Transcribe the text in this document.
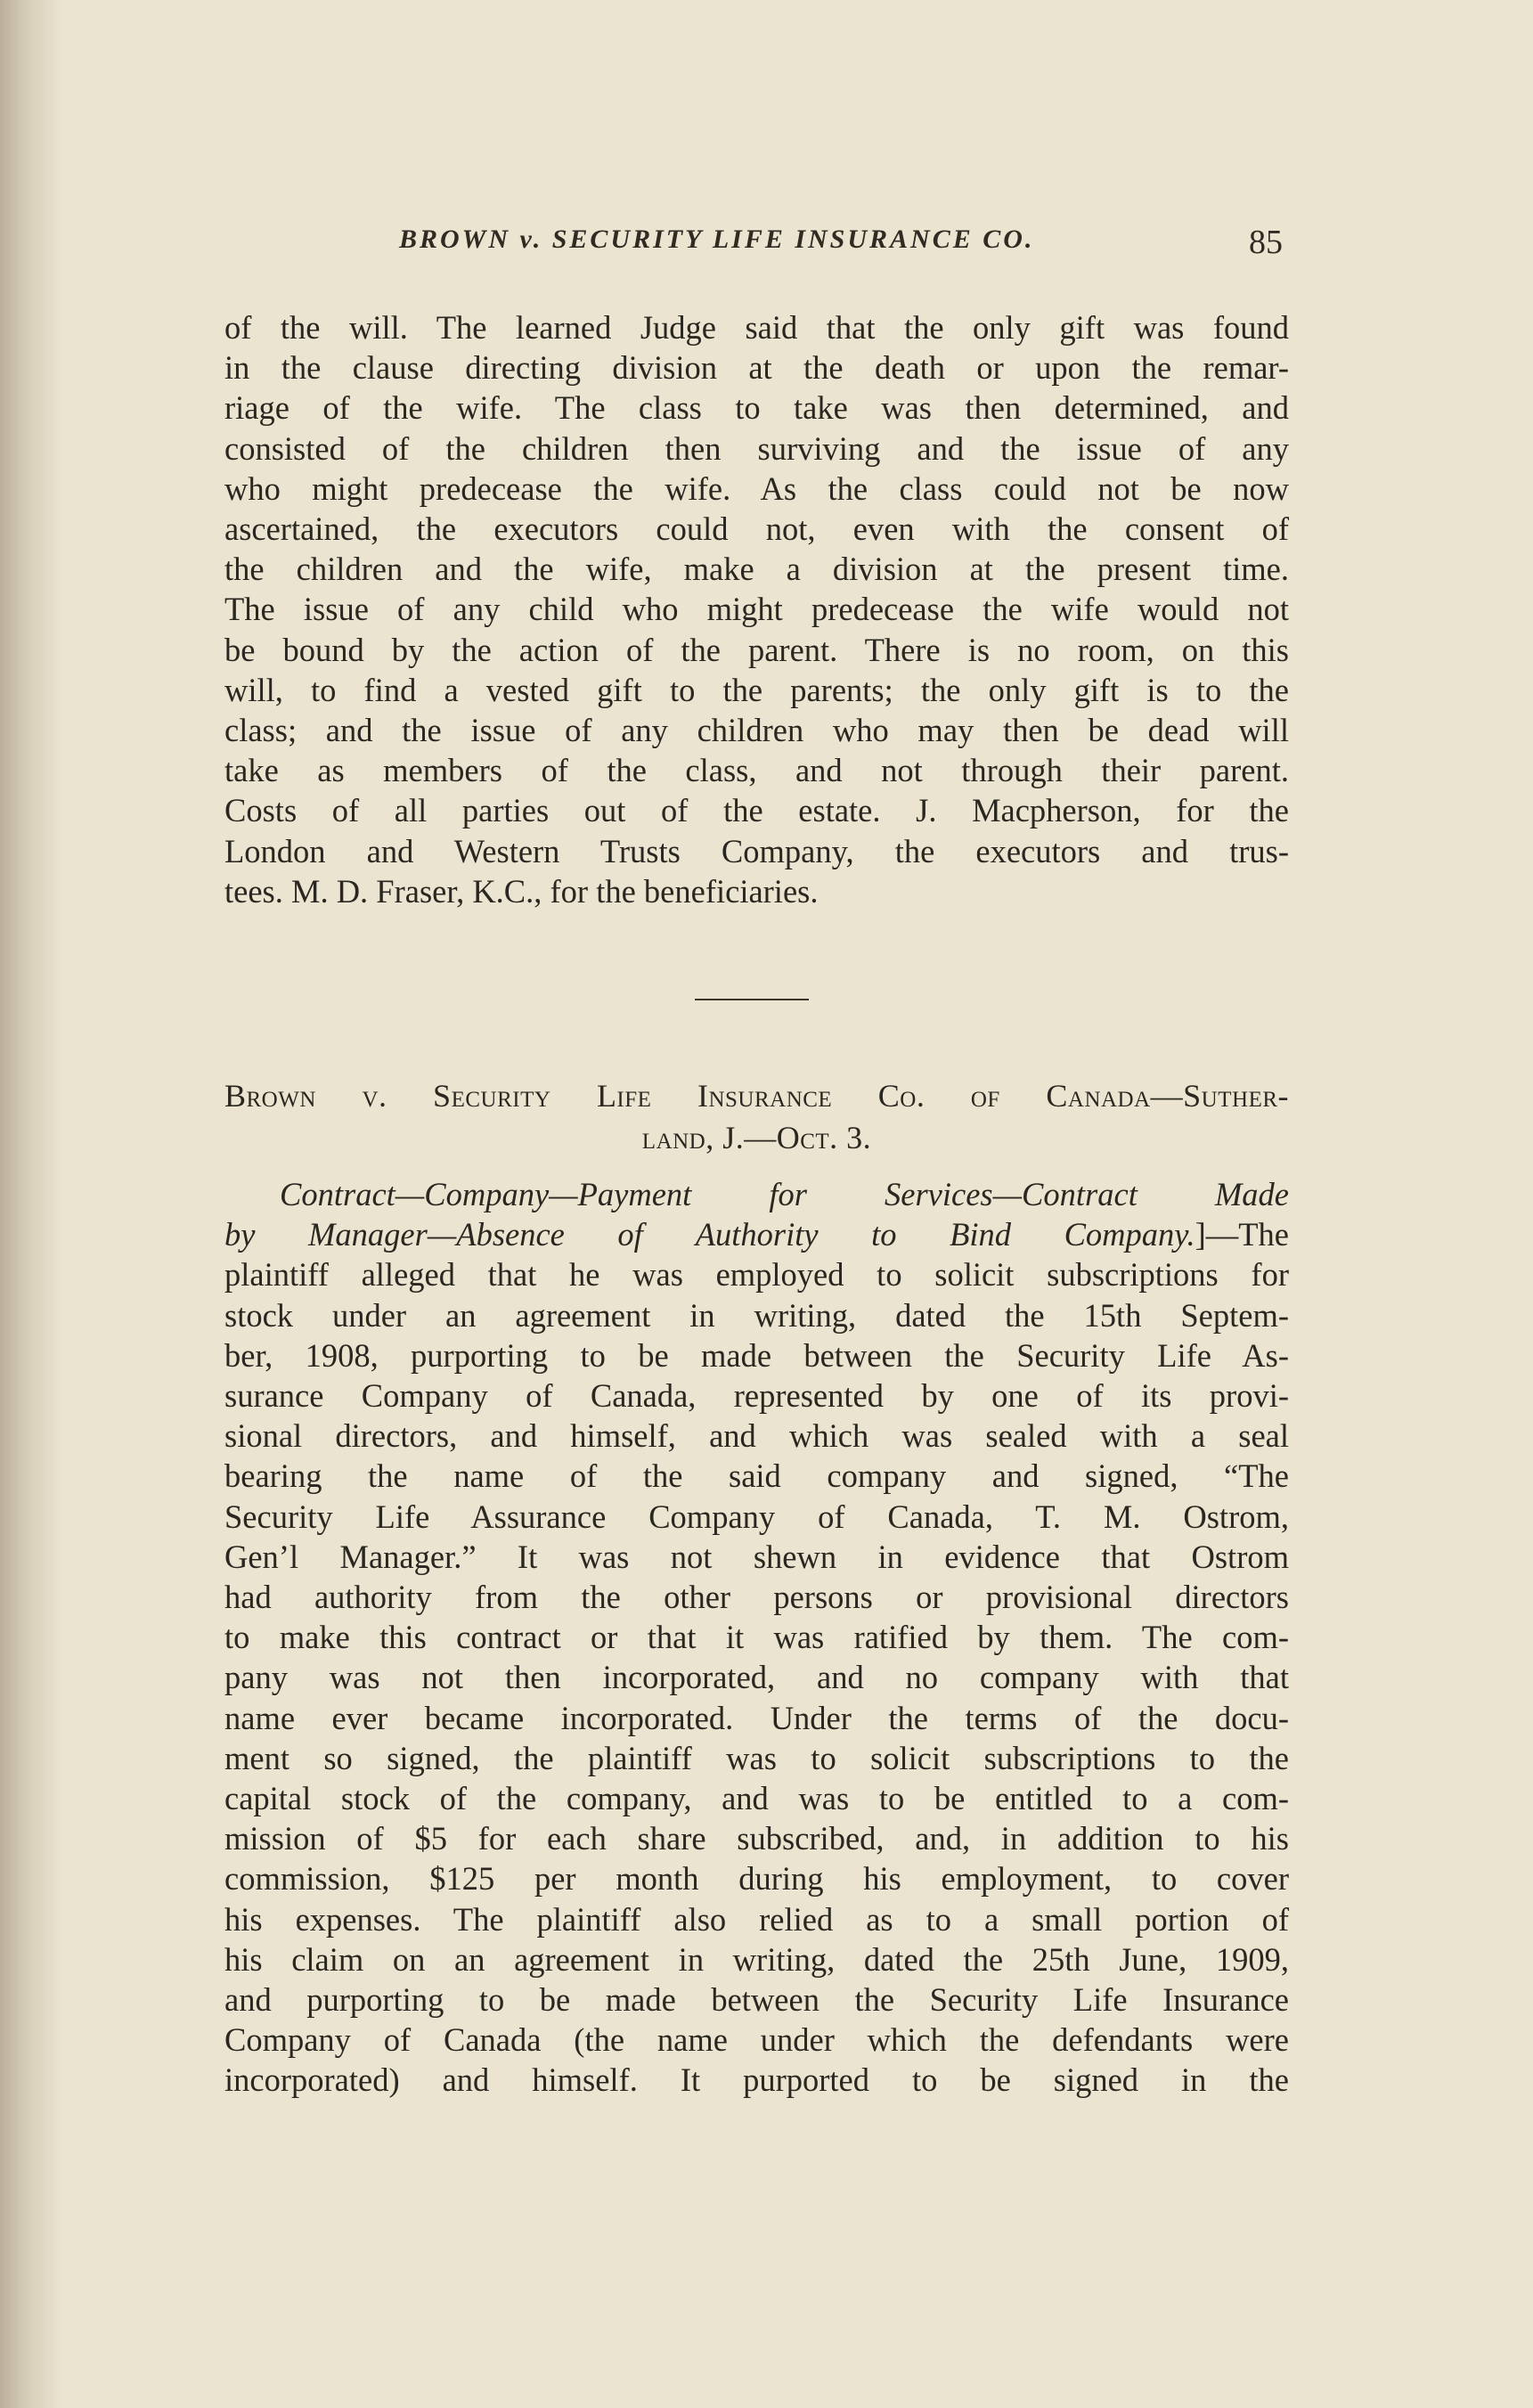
BROWN v. SECURITY LIFE INSURANCE CO.	85
of the will. The learned Judge said that the only gift was found
in the clause directing division at the death or upon the remar-
riage of the wife. The class to take was then determined, and
consisted of the children then surviving and the issue of any
who might predecease the wife. As the class could not be now
ascertained, the executors could not, even with the consent of
the children and the wife, make a division at the present time.
The issue of any child who might predecease the wife would not
be bound by the action of the parent. There is no room, on this
will, to find a vested gift to the parents; the only gift is to the
class; and the issue of any children who may then be dead will
take as members of the class, and not through their parent.
Costs of all parties out of the estate. J. Macpherson, for the
London and Western Trusts Company, the executors and trus-
tees. M. D. Fraser, K.C., for the beneficiaries.
Brown v. Security Life Insurance Co. of Canada—Suther-
land, J.—Oct. 3.
Contract—Company—Payment for Services—Contract Made
by Manager—Absence of Authority to Bind Company.]—The
plaintiff alleged that he was employed to solicit subscriptions for
stock under an agreement in writing, dated the 15th Septem-
ber, 1908, purporting to be made between the Security Life As-
surance Company of Canada, represented by one of its provi-
sional directors, and himself, and which was sealed with a seal
bearing the name of the said company and signed, “The
Security Life Assurance Company of Canada, T. M. Ostrom,
Gen’l Manager.” It was not shewn in evidence that Ostrom
had authority from the other persons or provisional directors
to make this contract or that it was ratified by them. The com-
pany was not then incorporated, and no company with that
name ever became incorporated. Under the terms of the docu-
ment so signed, the plaintiff was to solicit subscriptions to the
capital stock of the company, and was to be entitled to a com-
mission of $5 for each share subscribed, and, in addition to his
commission, $125 per month during his employment, to cover
his expenses. The plaintiff also relied as to a small portion of
his claim on an agreement in writing, dated the 25th June, 1909,
and purporting to be made between the Security Life Insurance
Company of Canada (the name under which the defendants were
incorporated) and himself. It purported to be signed in the
